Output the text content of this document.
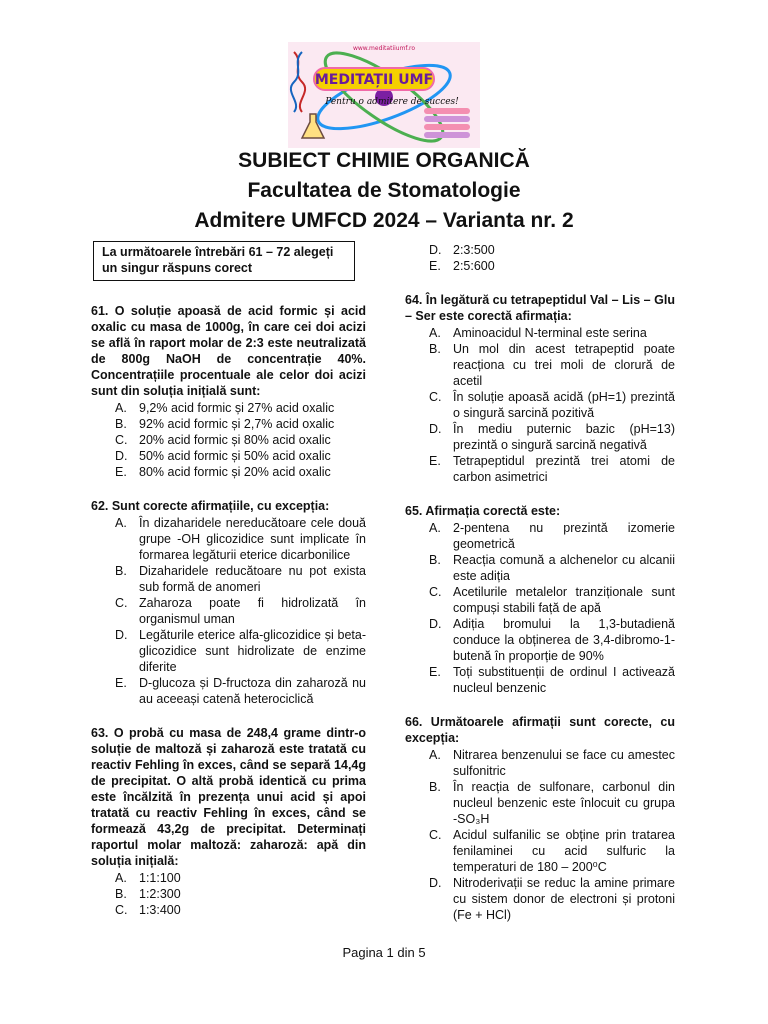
MEDITAȚII UMF
Pentru o admitere de succes!
www.meditatiiumf.ro
SUBIECT CHIMIE ORGANICĂ
Facultatea de Stomatologie
Admitere UMFCD 2024 – Varianta nr. 2
La următoarele întrebări 61 – 72 alegeți un singur răspuns corect
61. O soluție apoasă de acid formic și acid oxalic cu masa de 1000g, în care cei doi acizi se află în raport molar de 2:3 este neutralizată de 800g NaOH de concentrație 40%. Concentrațiile procentuale ale celor doi acizi sunt din soluția inițială sunt:
A. 9,2% acid formic și 27% acid oxalic
B. 92% acid formic și 2,7% acid oxalic
C. 20% acid formic și 80% acid oxalic
D. 50% acid formic și 50% acid oxalic
E. 80% acid formic și 20% acid oxalic
62. Sunt corecte afirmațiile, cu excepția:
A. În dizaharidele nereducătoare cele două grupe -OH glicozidice sunt implicate în formarea legăturii eterice dicarbonilice
B. Dizaharidele reducătoare nu pot exista sub formă de anomeri
C. Zaharoza poate fi hidrolizată în organismul uman
D. Legăturile eterice alfa-glicozidice și beta-glicozidice sunt hidrolizate de enzime diferite
E. D-glucoza și D-fructoza din zaharoză nu au aceeași catenă heterociclică
63. O probă cu masa de 248,4 grame dintr-o soluție de maltoză și zaharoză este tratată cu reactiv Fehling în exces, când se separă 14,4g de precipitat. O altă probă identică cu prima este încălzită în prezența unui acid și apoi tratată cu reactiv Fehling în exces, când se formează 43,2g de precipitat. Determinați raportul molar maltoză: zaharoză: apă din soluția inițială:
A. 1:1:100
B. 1:2:300
C. 1:3:400
D. 2:3:500
E. 2:5:600
64. În legătură cu tetrapeptidul Val – Lis – Glu – Ser este corectă afirmația:
A. Aminoacidul N-terminal este serina
B. Un mol din acest tetrapeptid poate reacționa cu trei moli de clorură de acetil
C. În soluție apoasă acidă (pH=1) prezintă o singură sarcină pozitivă
D. În mediu puternic bazic (pH=13) prezintă o singură sarcină negativă
E. Tetrapeptidul prezintă trei atomi de carbon asimetrici
65. Afirmația corectă este:
A. 2-pentena nu prezintă izomerie geometrică
B. Reacția comună a alchenelor cu alcanii este adiția
C. Acetilurile metalelor tranziționale sunt compuși stabili față de apă
D. Adiția bromului la 1,3-butadienă conduce la obținerea de 3,4-dibromo-1-butenă în proporție de 90%
E. Toți substituenții de ordinul I activează nucleul benzenic
66. Următoarele afirmații sunt corecte, cu excepția:
A. Nitrarea benzenului se face cu amestec sulfonitric
B. În reacția de sulfonare, carbonul din nucleul benzenic este înlocuit cu grupa -SO₃H
C. Acidul sulfanilic se obține prin tratarea fenilaminei cu acid sulfuric la temperaturi de 180 – 200⁰C
D. Nitroderivații se reduc la amine primare cu sistem donor de electroni și protoni (Fe + HCl)
Pagina 1 din 5
